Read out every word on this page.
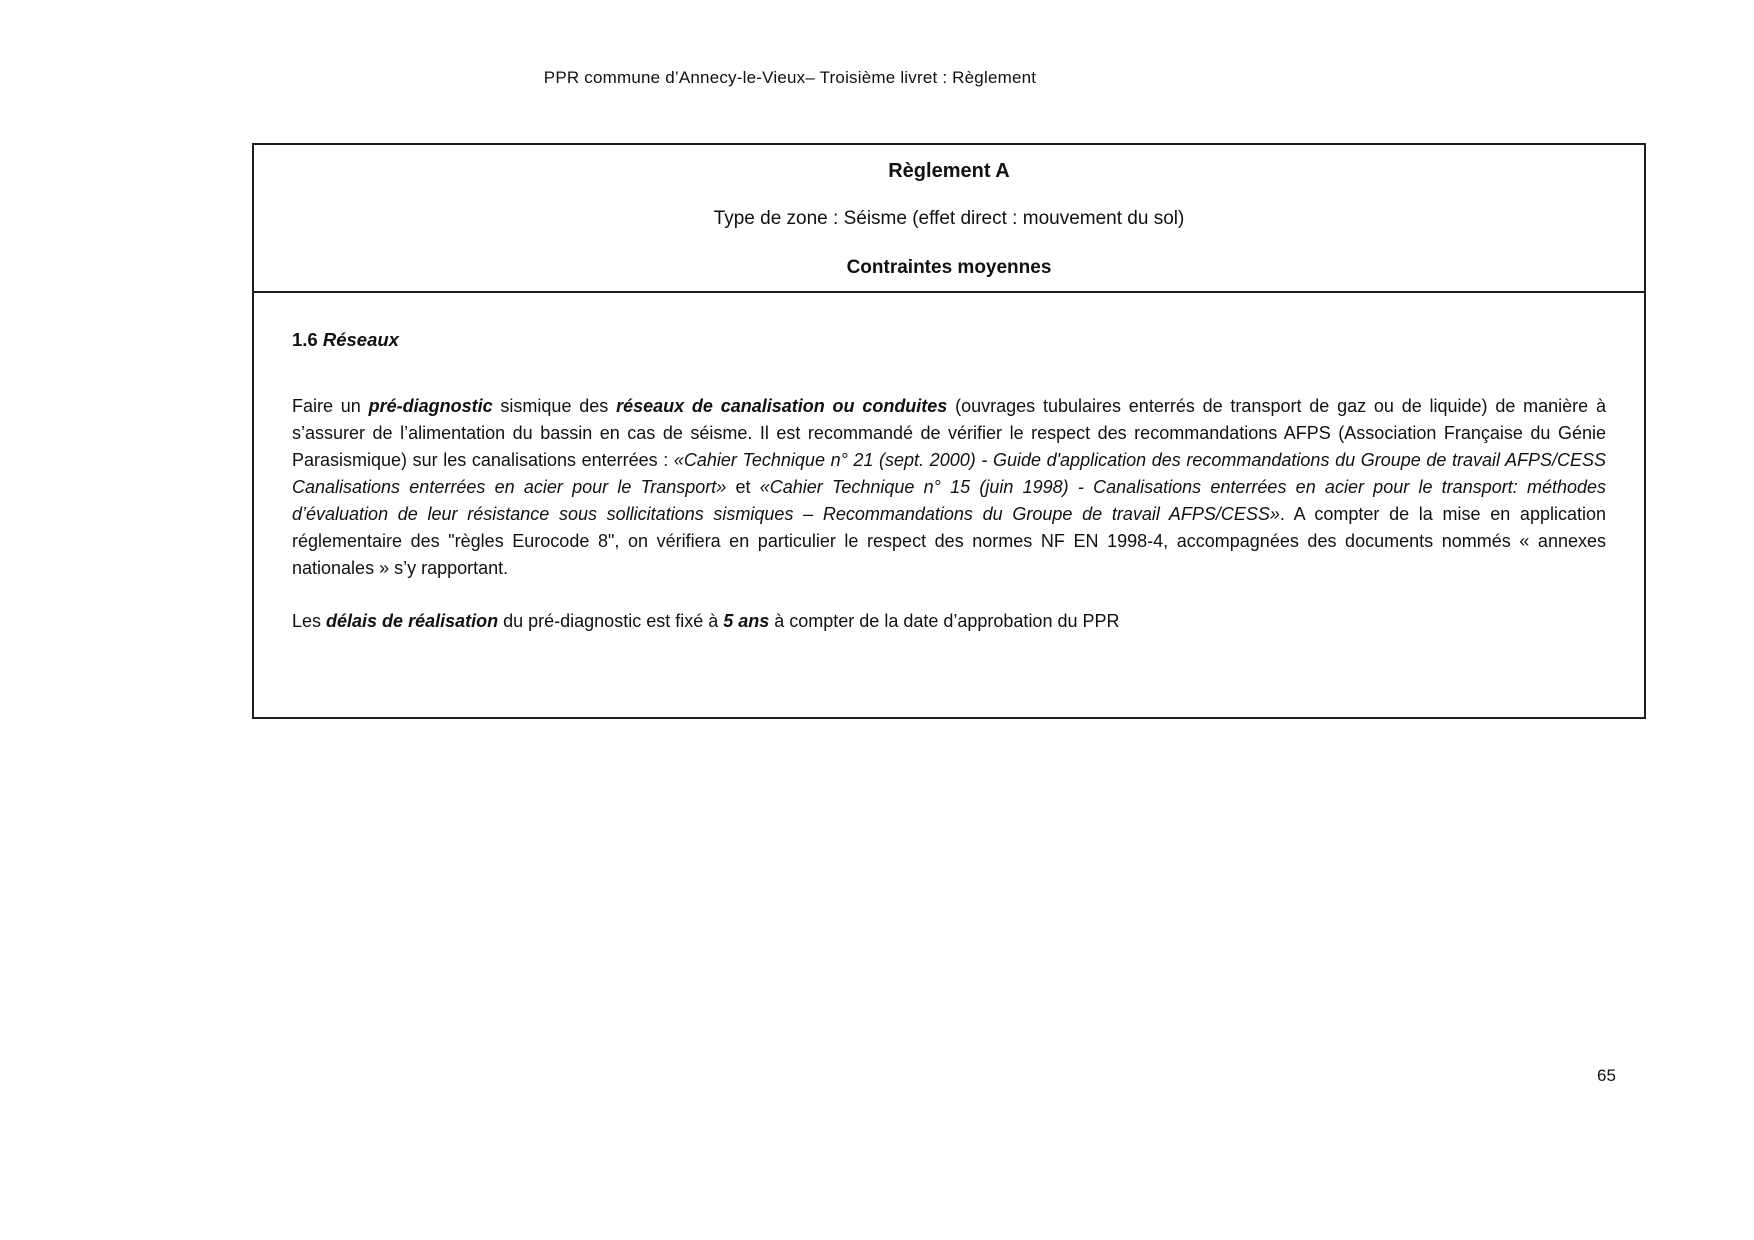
PPR commune d’Annecy-le-Vieux– Troisième livret : Règlement
Règlement A
Type de zone : Séisme (effet direct : mouvement du sol)
Contraintes moyennes
1.6 Réseaux
Faire un pré-diagnostic sismique des réseaux de canalisation ou conduites (ouvrages tubulaires enterrés de transport de gaz ou de liquide) de manière à s’assurer de l’alimentation du bassin en cas de séisme. Il est recommandé de vérifier le respect des recommandations AFPS (Association Française du Génie Parasismique) sur les canalisations enterrées : «Cahier Technique n° 21 (sept. 2000) - Guide d'application des recommandations du Groupe de travail AFPS/CESS Canalisations enterrées en acier pour le Transport» et «Cahier Technique n° 15 (juin 1998) - Canalisations enterrées en acier pour le transport: méthodes d’évaluation de leur résistance sous sollicitations sismiques – Recommandations du Groupe de travail AFPS/CESS». A compter de la mise en application réglementaire des "règles Eurocode 8", on vérifiera en particulier le respect des normes NF EN 1998-4, accompagnées des documents nommés « annexes nationales » s’y rapportant.
Les délais de réalisation du pré-diagnostic est fixé à 5 ans à compter de la date d’approbation du PPR
65
